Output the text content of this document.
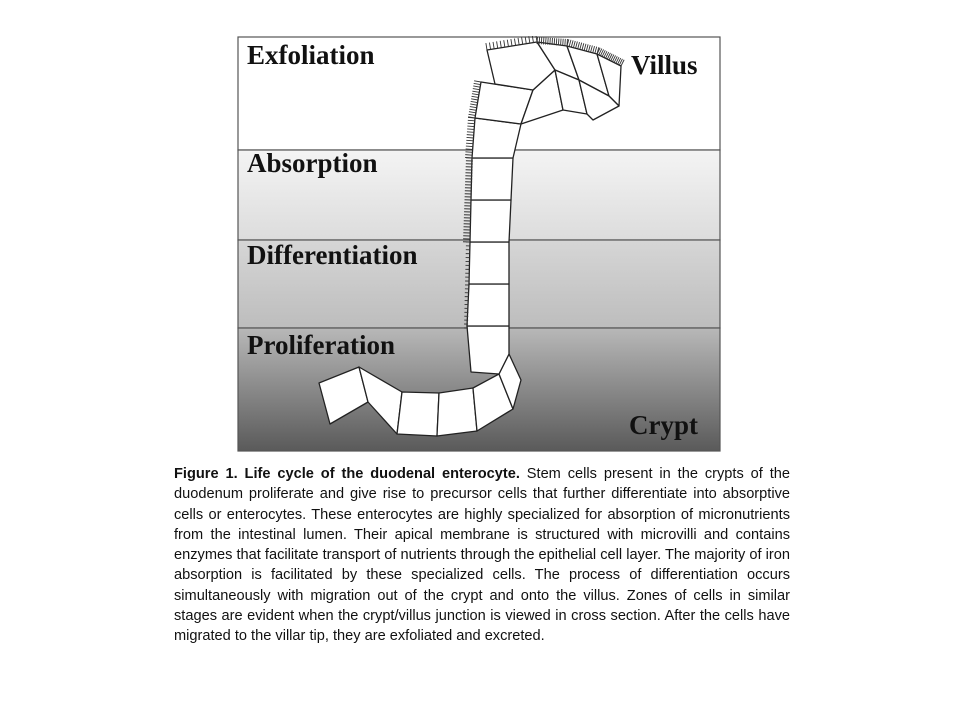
Exfoliation
Absorption
Differentiation
Proliferation
Villus
Crypt

Figure 1. Life cycle of the duodenal enterocyte. Stem cells present in the crypts of the duodenum proliferate and give rise to precursor cells that further differentiate into absorptive cells or enterocytes. These enterocytes are highly specialized for absorption of micronutrients from the intestinal lumen. Their apical membrane is structured with microvilli and contains enzymes that facilitate transport of nutrients through the epithelial cell layer. The majority of iron absorption is facilitated by these specialized cells. The process of differentiation occurs simultaneously with migration out of the crypt and onto the villus. Zones of cells in similar stages are evident when the crypt/villus junction is viewed in cross section. After the cells have migrated to the villar tip, they are exfoliated and excreted.
